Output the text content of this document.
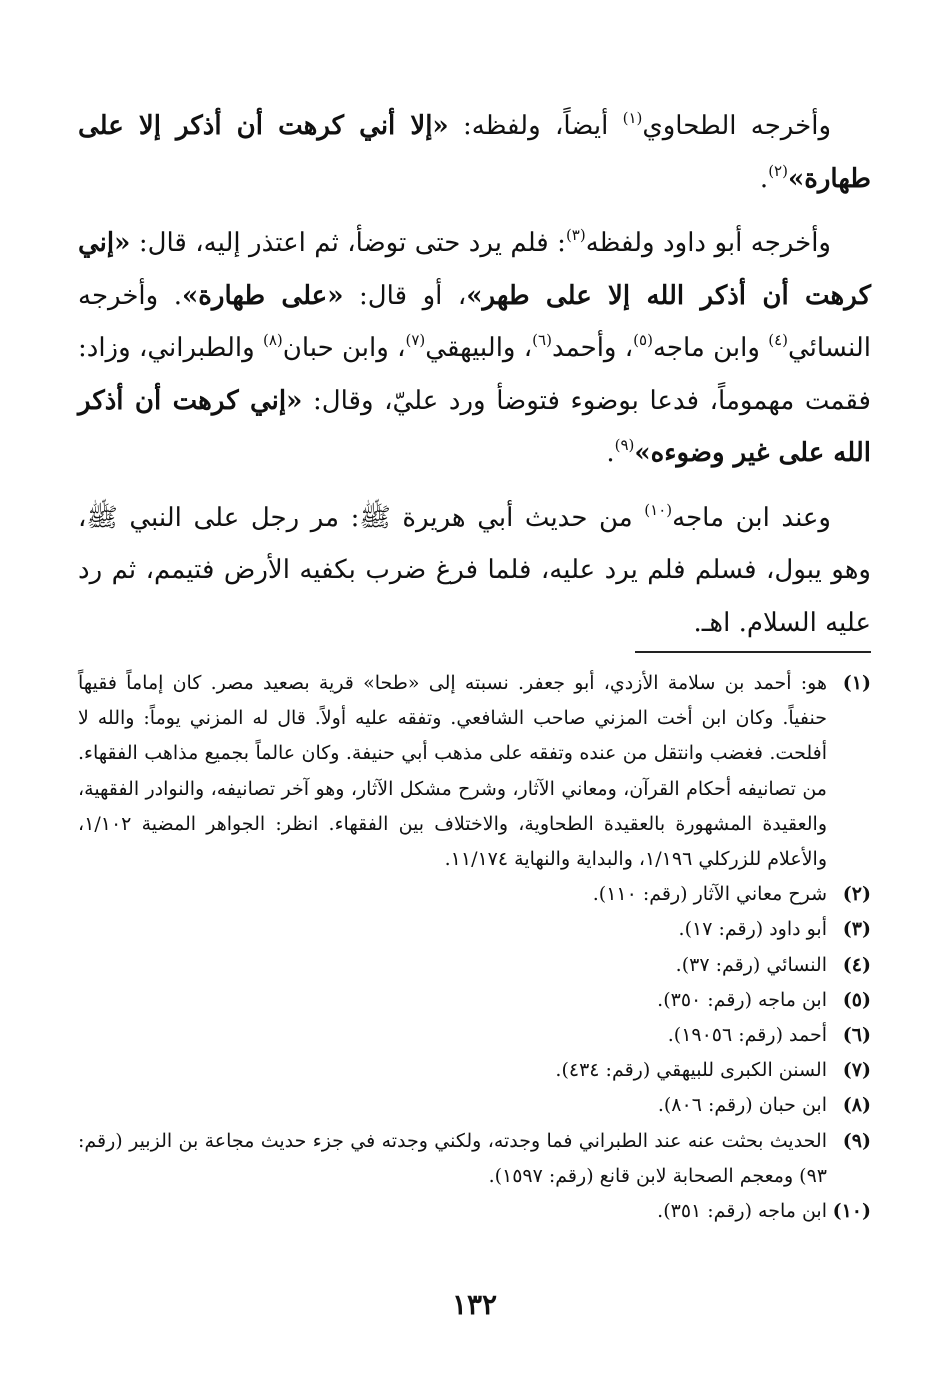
وأخرجه الطحاوي$^{(١)}$ أيضاً، ولفظه: «إلا أني كرهت أن أذكر إلا على طهارة»$^{(٢)}$.

وأخرجه أبو داود ولفظه$^{(٣)}$: فلم يرد حتى توضأ، ثم اعتذر إليه، قال: «إني كرهت أن أذكر الله إلا على طهر»، أو قال: «على طهارة». وأخرجه النسائي$^{(٤)}$ وابن ماجه$^{(٥)}$، وأحمد$^{(٦)}$، والبيهقي$^{(٧)}$، وابن حبان$^{(٨)}$ والطبراني، وزاد: فقمت مهموماً، فدعا بوضوء فتوضأ ورد عليّ، وقال: «إني كرهت أن أذكر الله على غير وضوءه»$^{(٩)}$.

وعند ابن ماجه$^{(١٠)}$ من حديث أبي هريرة ﷺ: مر رجل على النبي ﷺ، وهو يبول، فسلم فلم يرد عليه، فلما فرغ ضرب بكفيه الأرض فتيمم، ثم رد عليه السلام. اهـ.

(١)
هو: أحمد بن سلامة الأزدي، أبو جعفر. نسبته إلى «طحا» قرية بصعيد مصر. كان إماماً فقيهاً حنفياً. وكان ابن أخت المزني صاحب الشافعي. وتفقه عليه أولاً. قال له المزني يوماً: والله لا أفلحت. فغضب وانتقل من عنده وتفقه على مذهب أبي حنيفة. وكان عالماً بجميع مذاهب الفقهاء. من تصانيفه أحكام القرآن، ومعاني الآثار، وشرح مشكل الآثار، وهو آخر تصانيفه، والنوادر الفقهية، والعقيدة المشهورة بالعقيدة الطحاوية، والاختلاف بين الفقهاء. انظر: الجواهر المضية ١/١٠٢، والأعلام للزركلي ١/١٩٦، والبداية والنهاية ١١/١٧٤.
(٢)
شرح معاني الآثار (رقم: ١١٠).
(٣)
أبو داود (رقم: ١٧).
(٤)
النسائي (رقم: ٣٧).
(٥)
ابن ماجه (رقم: ٣٥٠).
(٦)
أحمد (رقم: ١٩٠٥٦).
(٧)
السنن الكبرى للبيهقي (رقم: ٤٣٤).
(٨)
ابن حبان (رقم: ٨٠٦).
(٩)
الحديث بحثت عنه عند الطبراني فما وجدته، ولكني وجدته في جزء حديث مجاعة بن الزبير (رقم: ٩٣) ومعجم الصحابة لابن قانع (رقم: ١٥٩٧).
(١٠)
ابن ماجه (رقم: ٣٥١).
١٣٢
